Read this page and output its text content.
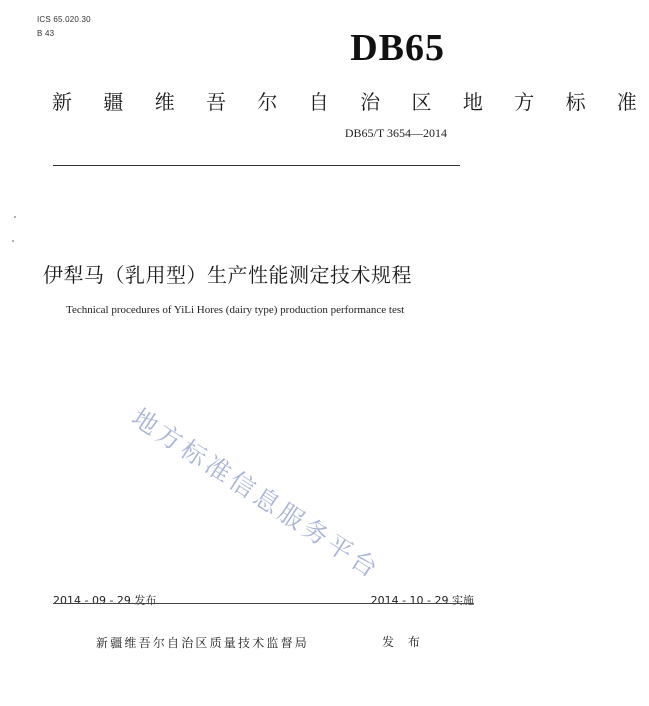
ICS 65.020.30
B 43	DB65
新 疆 维 吾 尔 自 治 区 地 方 标 准
DB65/T 3654—2014
伊犁马（乳用型）生产性能测定技术规程
Technical procedures of YiLi Hores (dairy type) production performance test
地方标准信息服务平台
2014 - 09 - 29 发布	2014 - 10 - 29 实施
新疆维吾尔自治区质量技术监督局	发 布
